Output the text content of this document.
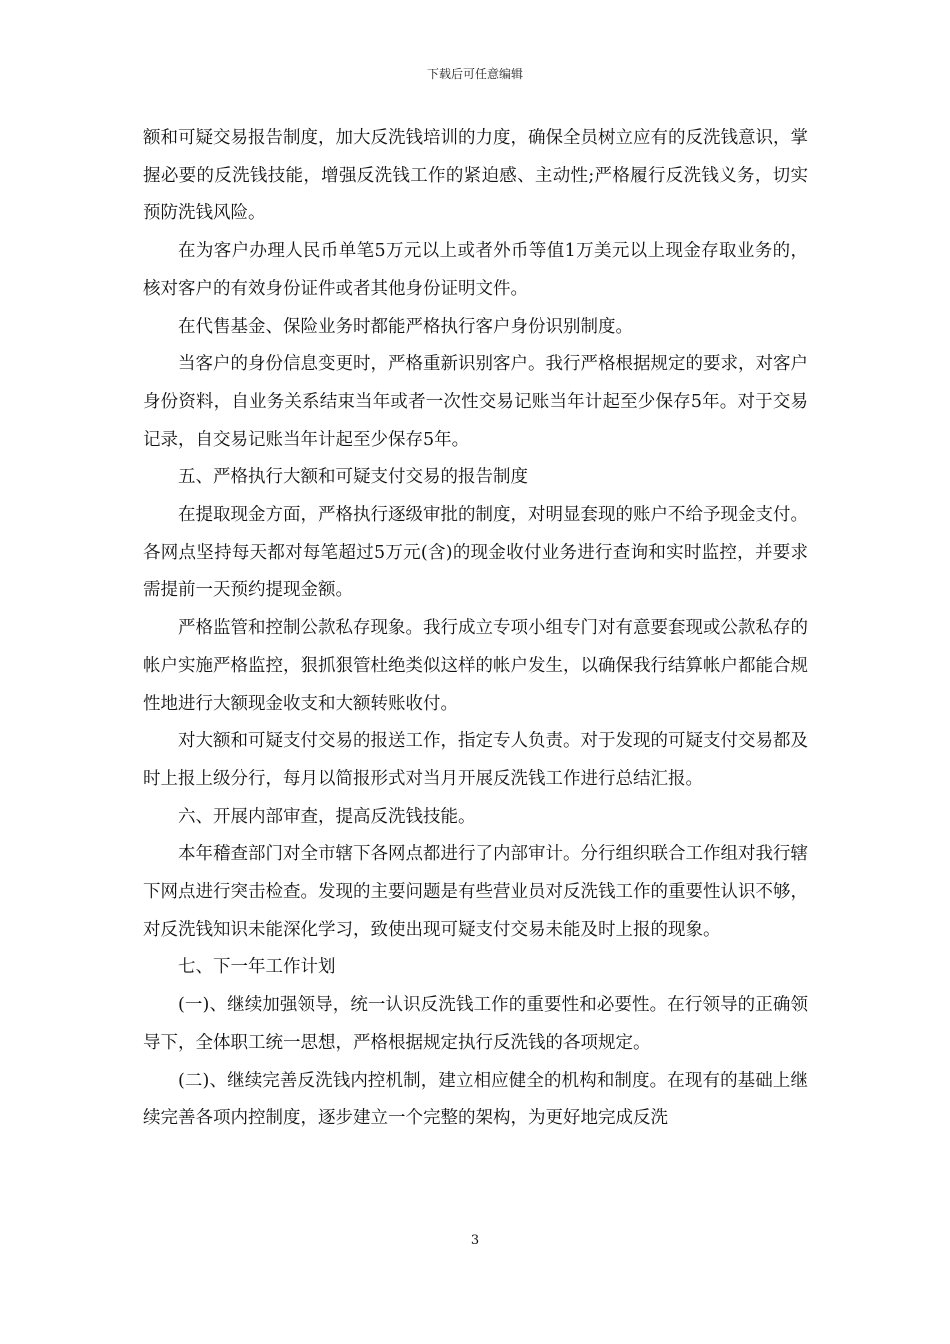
下载后可任意编辑

额和可疑交易报告制度，加大反洗钱培训的力度，确保全员树立应有的反洗钱意识，掌握必要的反洗钱技能，增强反洗钱工作的紧迫感、主动性;严格履行反洗钱义务，切实预防洗钱风险。

在为客户办理人民币单笔5万元以上或者外币等值1万美元以上现金存取业务的，核对客户的有效身份证件或者其他身份证明文件。

在代售基金、保险业务时都能严格执行客户身份识别制度。

当客户的身份信息变更时，严格重新识别客户。我行严格根据规定的要求，对客户身份资料，自业务关系结束当年或者一次性交易记账当年计起至少保存5年。对于交易记录，自交易记账当年计起至少保存5年。

五、严格执行大额和可疑支付交易的报告制度

在提取现金方面，严格执行逐级审批的制度，对明显套现的账户不给予现金支付。各网点坚持每天都对每笔超过5万元(含)的现金收付业务进行查询和实时监控，并要求需提前一天预约提现金额。

严格监管和控制公款私存现象。我行成立专项小组专门对有意要套现或公款私存的帐户实施严格监控，狠抓狠管杜绝类似这样的帐户发生，以确保我行结算帐户都能合规性地进行大额现金收支和大额转账收付。

对大额和可疑支付交易的报送工作，指定专人负责。对于发现的可疑支付交易都及时上报上级分行，每月以简报形式对当月开展反洗钱工作进行总结汇报。

六、开展内部审查，提高反洗钱技能。

本年稽查部门对全市辖下各网点都进行了内部审计。分行组织联合工作组对我行辖下网点进行突击检查。发现的主要问题是有些营业员对反洗钱工作的重要性认识不够，对反洗钱知识未能深化学习，致使出现可疑支付交易未能及时上报的现象。

七、下一年工作计划

(一)、继续加强领导，统一认识反洗钱工作的重要性和必要性。在行领导的正确领导下，全体职工统一思想，严格根据规定执行反洗钱的各项规定。

(二)、继续完善反洗钱内控机制，建立相应健全的机构和制度。在现有的基础上继续完善各项内控制度，逐步建立一个完整的架构，为更好地完成反洗

3
